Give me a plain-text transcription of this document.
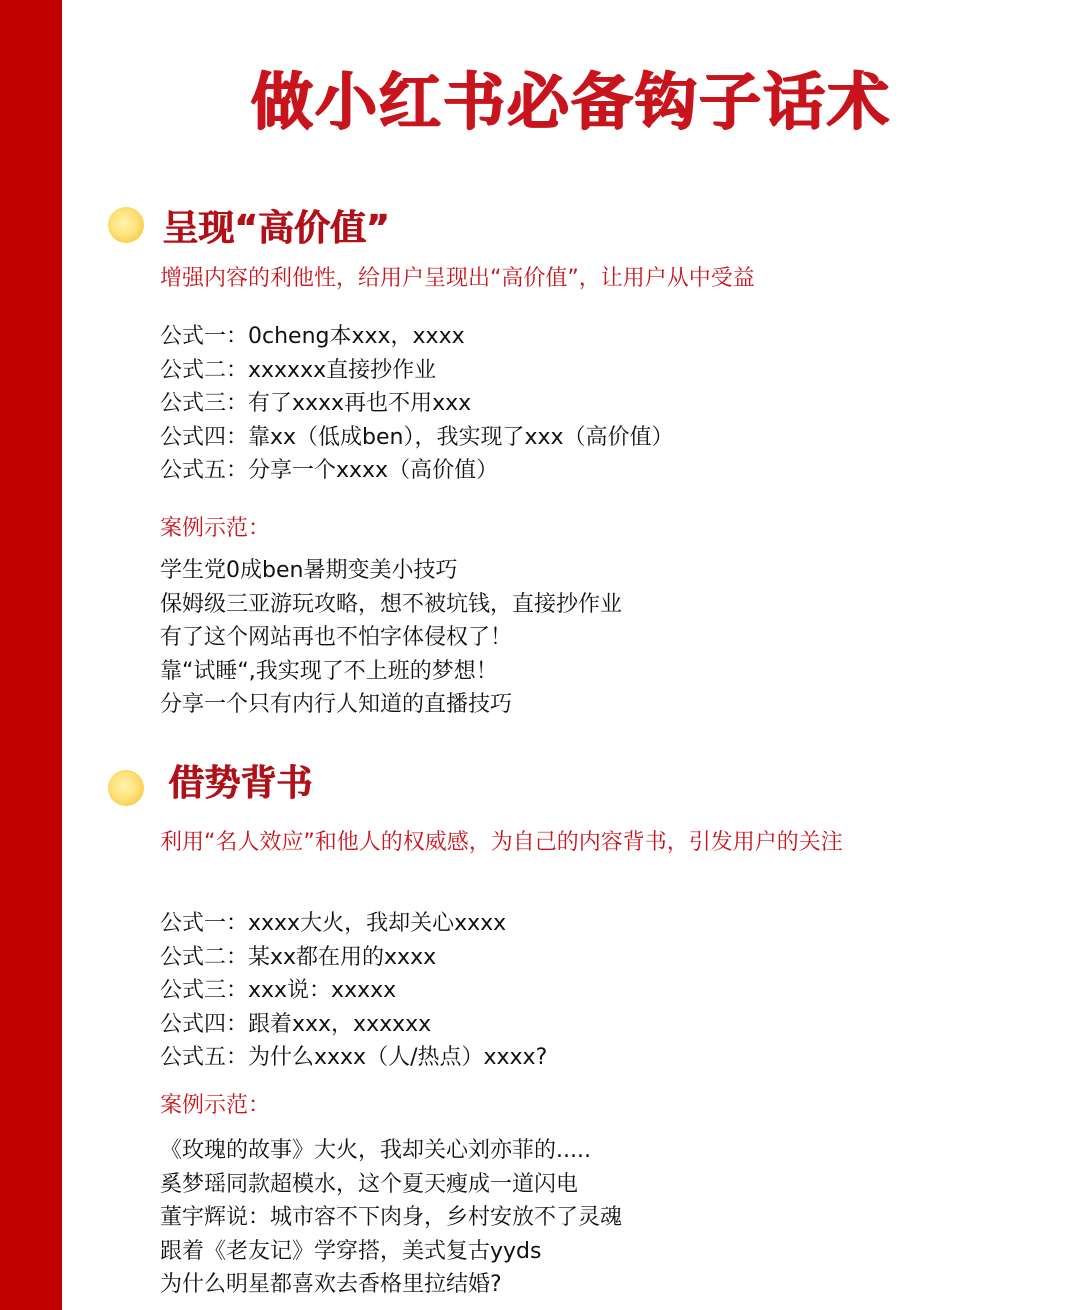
做小红书必备钩子话术
呈现“高价值”
增强内容的利他性，给用户呈现出“高价值”，让用户从中受益
公式一：0cheng本xxx，xxxx
公式二：xxxxxx直接抄作业
公式三：有了xxxx再也不用xxx
公式四：靠xx（低成ben），我实现了xxx（高价值）
公式五：分享一个xxxx（高价值）
案例示范：
学生党0成ben暑期变美小技巧
保姆级三亚游玩攻略，想不被坑钱，直接抄作业
有了这个网站再也不怕字体侵权了！
靠“试睡“,我实现了不上班的梦想！
分享一个只有内行人知道的直播技巧
借势背书
利用“名人效应”和他人的权威感，为自己的内容背书，引发用户的关注
公式一：xxxx大火，我却关心xxxx
公式二：某xx都在用的xxxx
公式三：xxx说：xxxxx
公式四：跟着xxx，xxxxxx
公式五：为什么xxxx（人/热点）xxxx?
案例示范：
《玫瑰的故事》大火，我却关心刘亦菲的.....
奚梦瑶同款超模水，这个夏天瘦成一道闪电
董宇辉说：城市容不下肉身，乡村安放不了灵魂
跟着《老友记》学穿搭，美式复古yyds
为什么明星都喜欢去香格里拉结婚?
